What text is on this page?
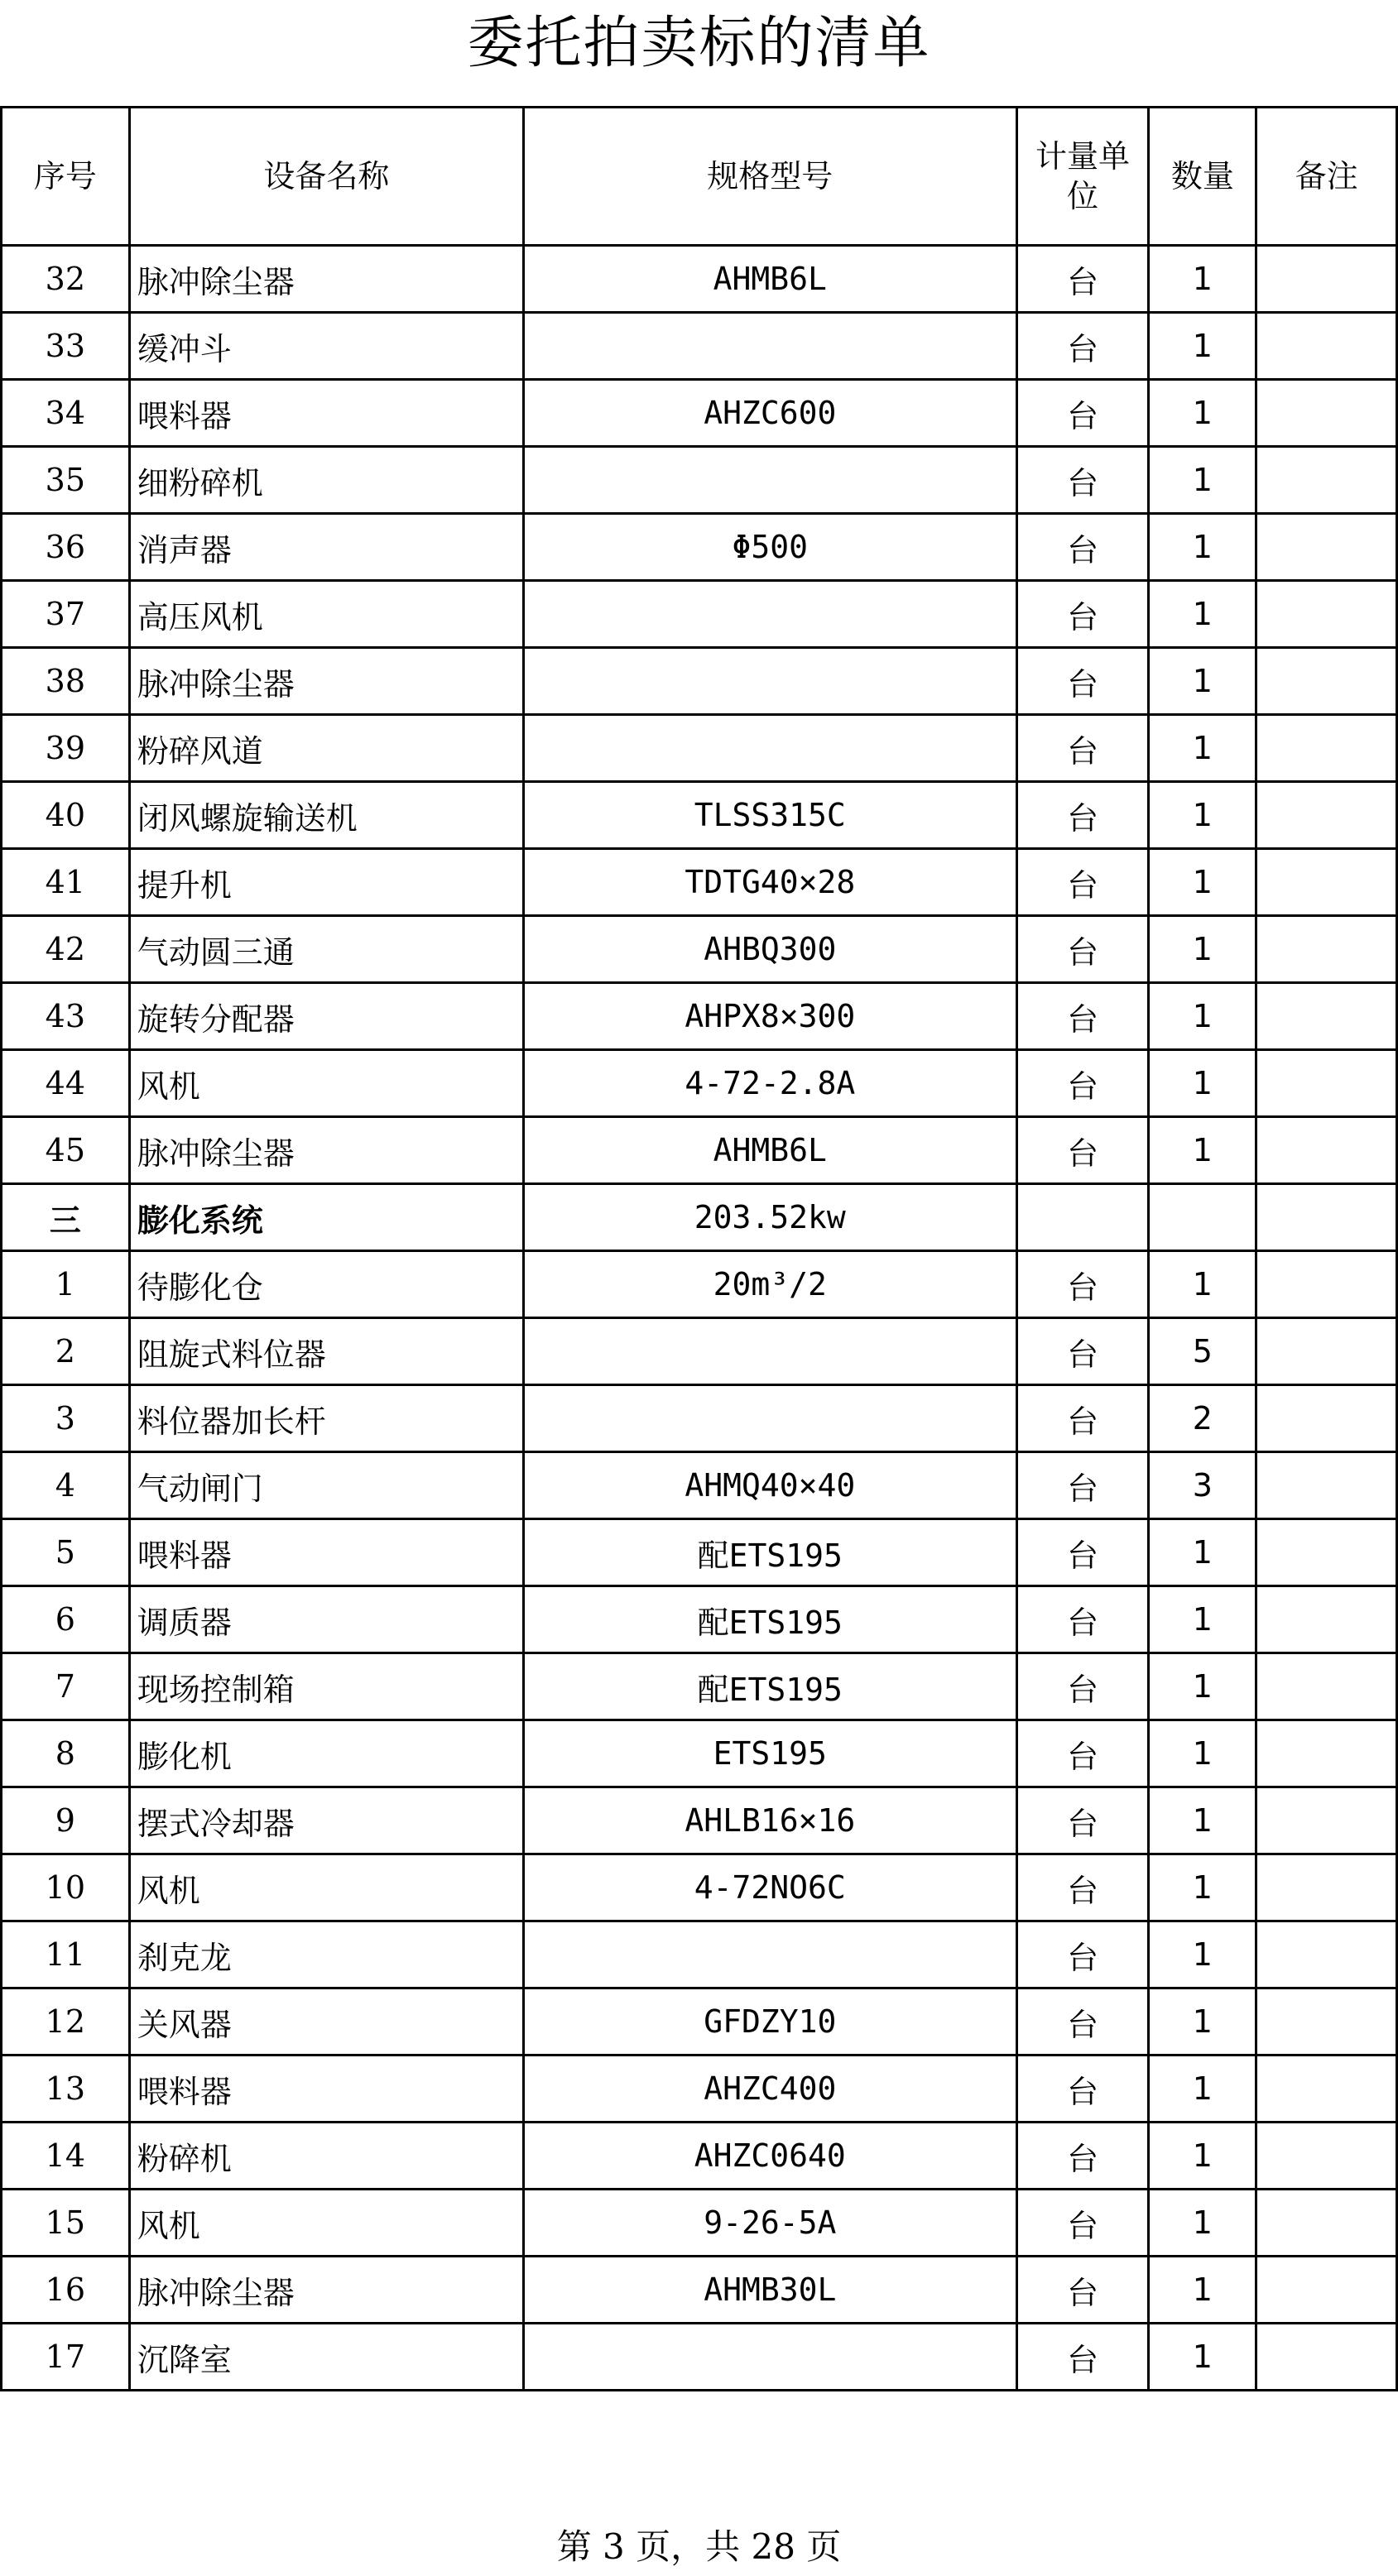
委托拍卖标的清单
序号	设备名称	规格型号	计量单位	数量	备注
32	脉冲除尘器	AHMB6L	台	1	
33	缓冲斗		台	1	
34	喂料器	AHZC600	台	1	
35	细粉碎机		台	1	
36	消声器	Φ500	台	1	
37	高压风机		台	1	
38	脉冲除尘器		台	1	
39	粉碎风道		台	1	
40	闭风螺旋输送机	TLSS315C	台	1	
41	提升机	TDTG40×28	台	1	
42	气动圆三通	AHBQ300	台	1	
43	旋转分配器	AHPX8×300	台	1	
44	风机	4-72-2.8A	台	1	
45	脉冲除尘器	AHMB6L	台	1	
三	膨化系统	203.52kw			
1	待膨化仓	20m³/2	台	1	
2	阻旋式料位器		台	5	
3	料位器加长杆		台	2	
4	气动闸门	AHMQ40×40	台	3	
5	喂料器	配ETS195	台	1	
6	调质器	配ETS195	台	1	
7	现场控制箱	配ETS195	台	1	
8	膨化机	ETS195	台	1	
9	摆式冷却器	AHLB16×16	台	1	
10	风机	4-72NO6C	台	1	
11	刹克龙		台	1	
12	关风器	GFDZY10	台	1	
13	喂料器	AHZC400	台	1	
14	粉碎机	AHZC0640	台	1	
15	风机	9-26-5A	台	1	
16	脉冲除尘器	AHMB30L	台	1	
17	沉降室		台	1	
第 3 页，共 28 页
